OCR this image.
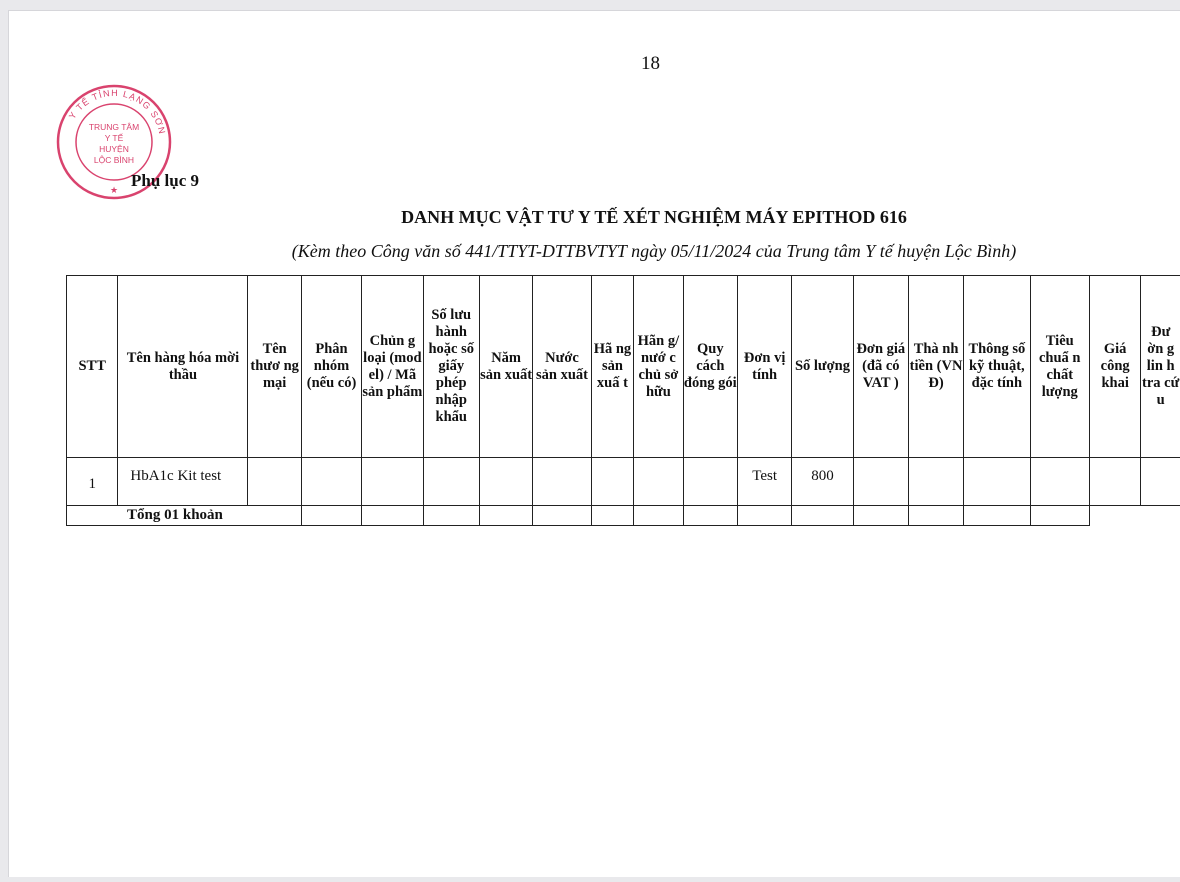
18
Y TẾ TỈNH LẠNG SƠN
TRUNG TÂM
Y TẾ
HUYỆN
LỘC BÌNH
★ Phụ lục 9
DANH MỤC VẬT TƯ Y TẾ XÉT NGHIỆM MÁY EPITHOD 616
(Kèm theo Công văn số 441/TTYT-DTTBVTYT ngày 05/11/2024 của Trung tâm Y tế huyện Lộc Bình)
STT	Tên hàng hóa mời thầu	Tên thươ ng mại	Phân nhóm (nếu có)	Chủn g loại (mod el) / Mã sản phẩm	Số lưu hành hoặc số giấy phép nhập khẩu	Năm sản xuất	Nước sản xuất	Hã ng sản xuấ t	Hãn g/ nướ c chủ sở hữu	Quy cách đóng gói	Đơn vị tính	Số lượng	Đơn giá (đã có VAT )	Thà nh tiền (VN Đ)	Thông số kỹ thuật, đặc tính	Tiêu chuẩ n chất lượng	Giá công khai	Đư ờn g lin h tra cứ u
1	HbA1c Kit test										Test	800						
Tổng 01 khoản																		
